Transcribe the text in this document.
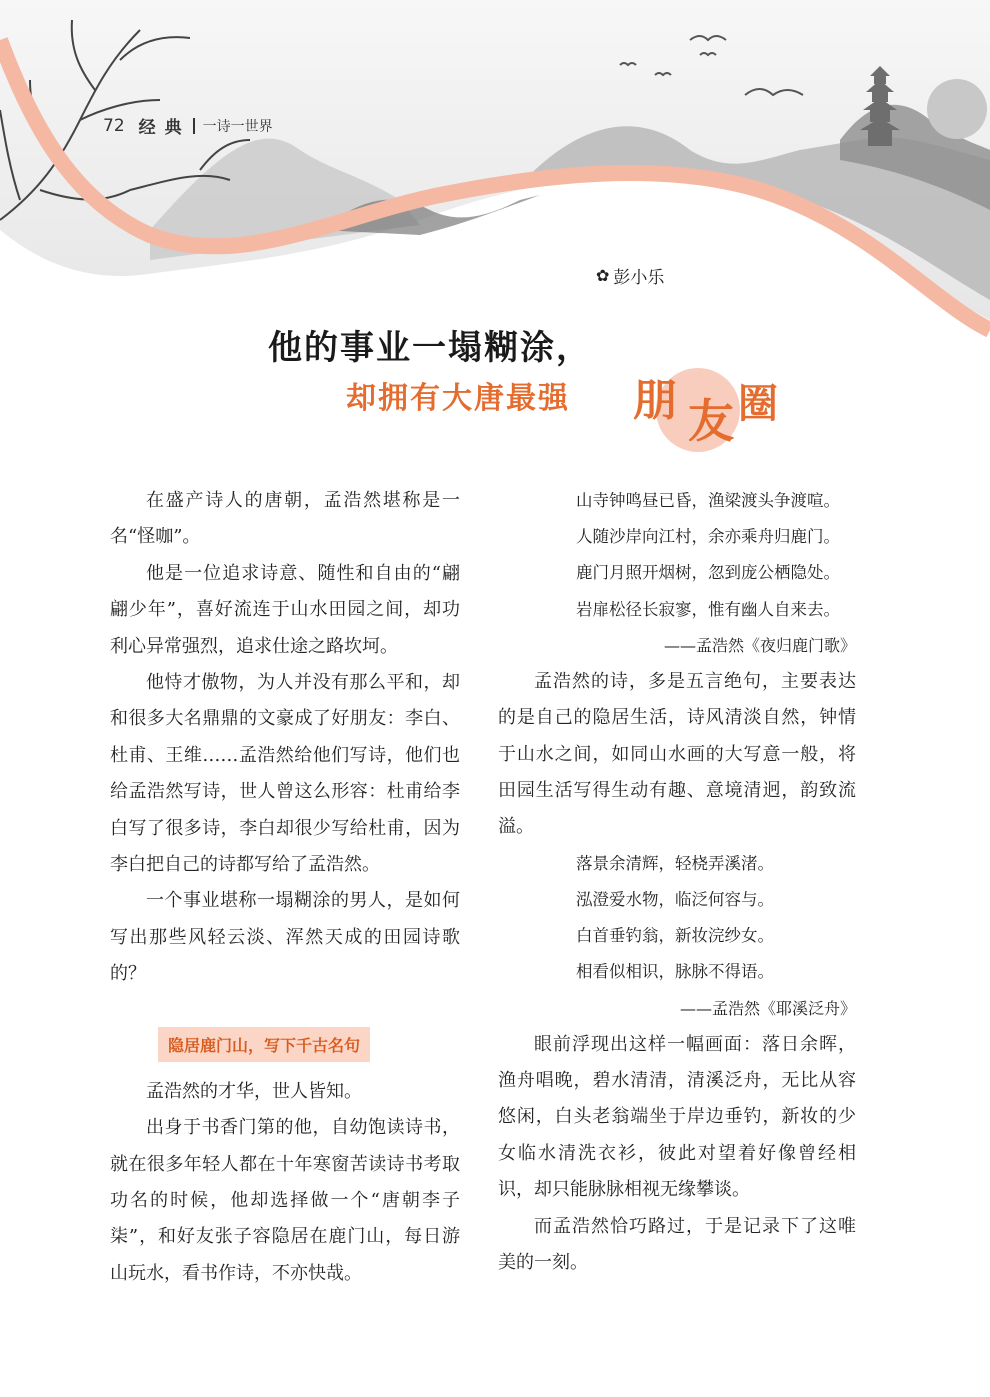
72 经典 一诗一世界
✿ 彭小乐
他的事业一塌糊涂，
却拥有大唐最强 朋 友 圈

在盛产诗人的唐朝，孟浩然堪称是一名“怪咖”。

他是一位追求诗意、随性和自由的“翩翩少年”，喜好流连于山水田园之间，却功利心异常强烈，追求仕途之路坎坷。

他恃才傲物，为人并没有那么平和，却和很多大名鼎鼎的文豪成了好朋友：李白、杜甫、王维……孟浩然给他们写诗，他们也给孟浩然写诗，世人曾这么形容：杜甫给李白写了很多诗，李白却很少写给杜甫，因为李白把自己的诗都写给了孟浩然。

一个事业堪称一塌糊涂的男人，是如何写出那些风轻云淡、浑然天成的田园诗歌的？

隐居鹿门山，写下千古名句

孟浩然的才华，世人皆知。

出身于书香门第的他，自幼饱读诗书，就在很多年轻人都在十年寒窗苦读诗书考取功名的时候，他却选择做一个“唐朝李子柒”，和好友张子容隐居在鹿门山，每日游山玩水，看书作诗，不亦快哉。

山寺钟鸣昼已昏，渔梁渡头争渡喧。
人随沙岸向江村，余亦乘舟归鹿门。
鹿门月照开烟树，忽到庞公栖隐处。
岩扉松径长寂寥，惟有幽人自来去。
——孟浩然《夜归鹿门歌》

孟浩然的诗，多是五言绝句，主要表达的是自己的隐居生活，诗风清淡自然，钟情于山水之间，如同山水画的大写意一般，将田园生活写得生动有趣、意境清迥，韵致流溢。

落景余清辉，轻桡弄溪渚。
泓澄爱水物，临泛何容与。
白首垂钓翁，新妆浣纱女。
相看似相识，脉脉不得语。
——孟浩然《耶溪泛舟》

眼前浮现出这样一幅画面：落日余晖，渔舟唱晚，碧水清清，清溪泛舟，无比从容悠闲，白头老翁端坐于岸边垂钓，新妆的少女临水清洗衣衫，彼此对望着好像曾经相识，却只能脉脉相视无缘攀谈。

而孟浩然恰巧路过，于是记录下了这唯美的一刻。
